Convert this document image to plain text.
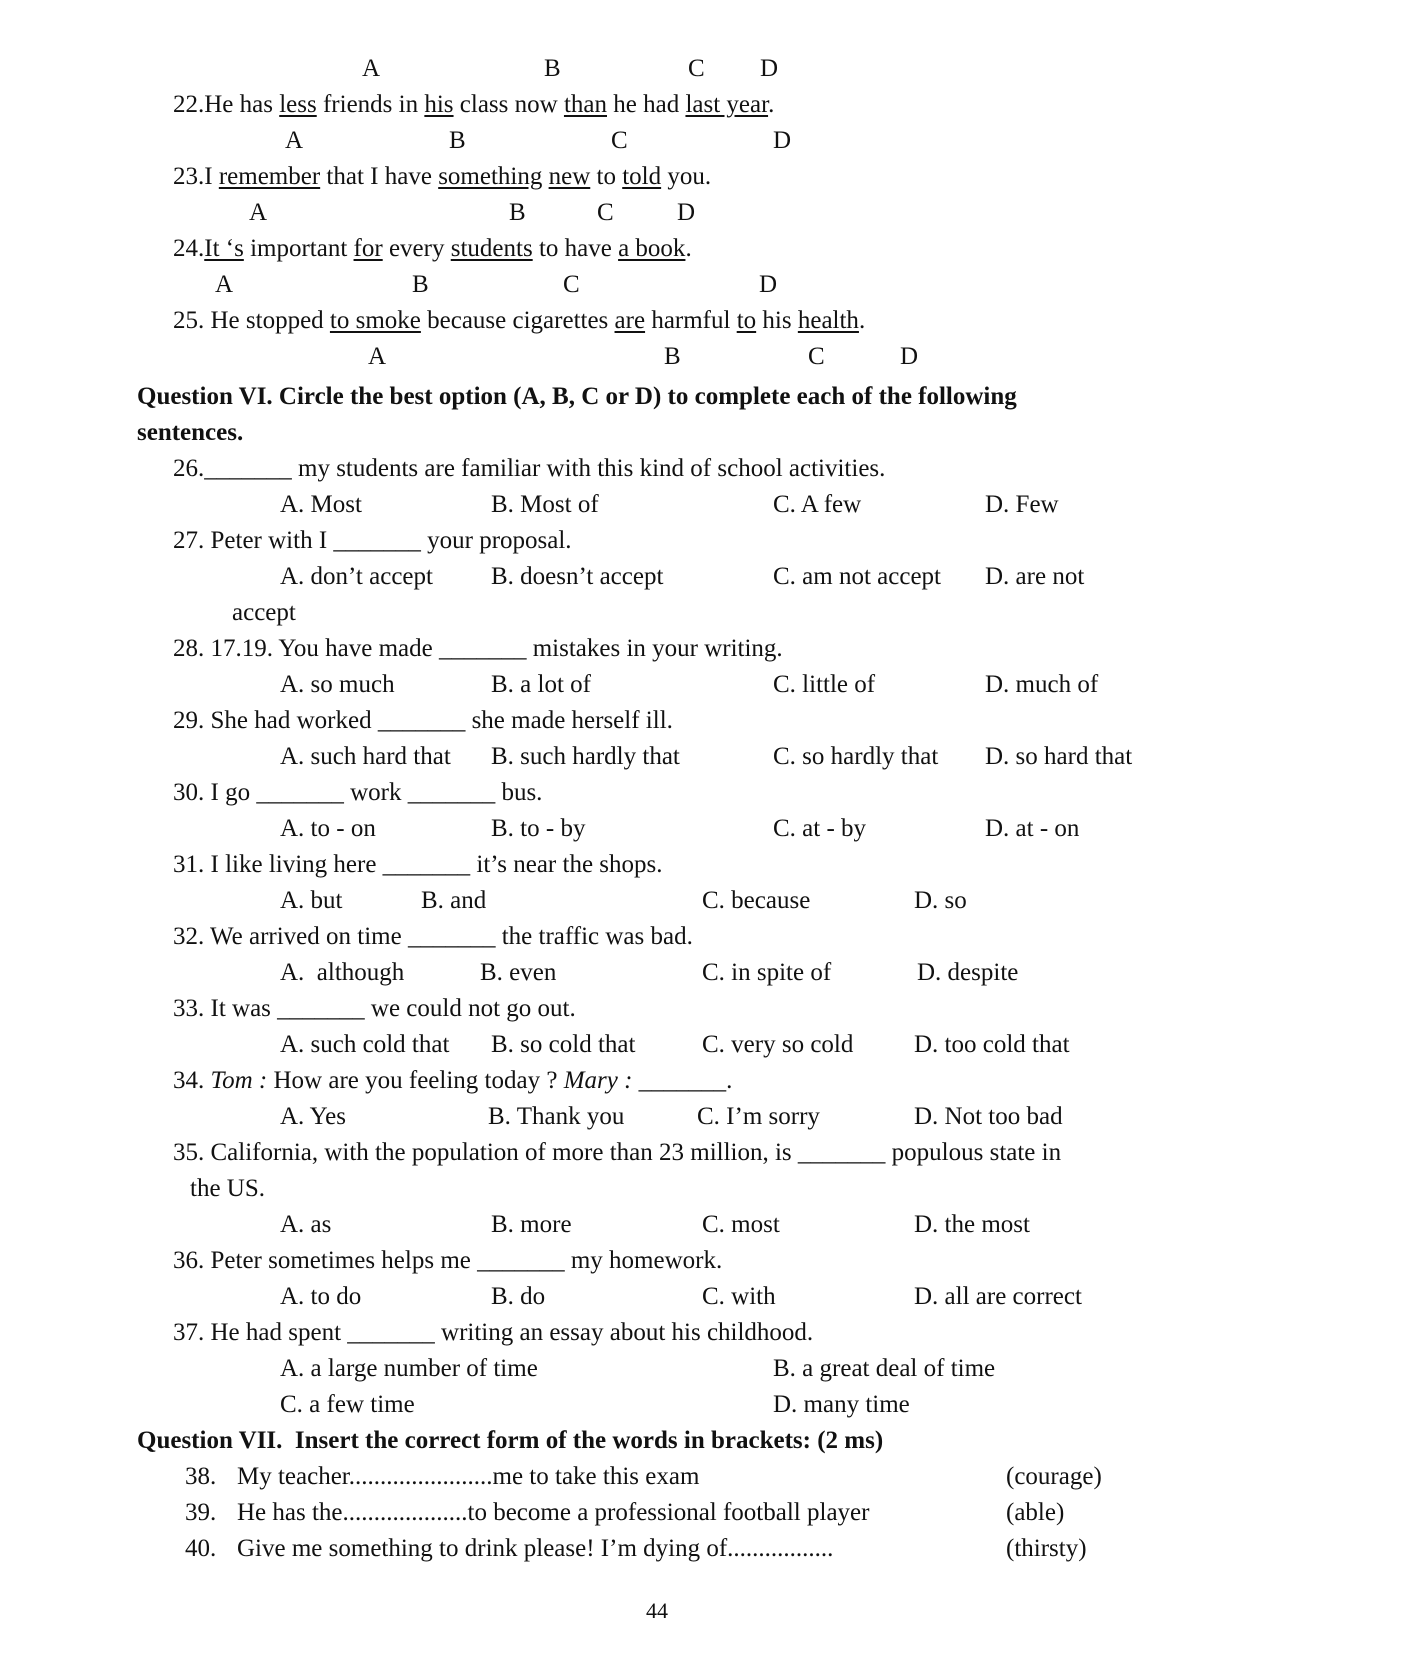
A	B	C D
22.He has less friends in his class now than he had last year.
A	B	C	D
23.I remember that I have something new to told you.
A	B	C	D
24.It ‘s important for every students to have a book.
A	B	C	D
25. He stopped to smoke because cigarettes are harmful to his health.
A	B	C	D
Question VI. Circle the best option (A, B, C or D) to complete each of the following
sentences.
26._______ my students are familiar with this kind of school activities.
A. Most	B. Most of	C. A few	D. Few
27. Peter with I _______ your proposal.
A. don’t accept B. doesn’t accept	C. am not accept D. are not
accept
28. 17.19. You have made _______ mistakes in your writing.
A. so much	B. a lot of	C. little of	D. much of
29. She had worked _______ she made herself ill.
A. such hard that B. such hardly that	C. so hardly that D. so hard that
30. I go _______ work _______ bus.
A. to - on	B. to - by	C. at - by	D. at - on
31. I like living here _______ it’s near the shops.
A. but	B. and	C. because	D. so
32. We arrived on time _______ the traffic was bad.
A.  although	B. even	C. in spite of	D. despite
33. It was _______ we could not go out.
A. such cold that B. so cold that	C. very so cold D. too cold that
34. Tom : How are you feeling today ? Mary : _______.
A. Yes	B. Thank you	C. I’m sorry	D. Not too bad
35. California, with the population of more than 23 million, is _______ populous state in
the US.
A. as	B. more	C. most	D. the most
36. Peter sometimes helps me _______ my homework.
A. to do	B. do	C. with	D. all are correct
37. He had spent _______ writing an essay about his childhood.
A. a large number of time	B. a great deal of time
C. a few time	D. many time
Question VII.  Insert the correct form of the words in brackets: (2 ms)
38. My teacher.......................me to take this exam	(courage)
39. He has the....................to become a professional football player	(able)
40. Give me something to drink please! I’m dying of.................	(thirsty)
44
